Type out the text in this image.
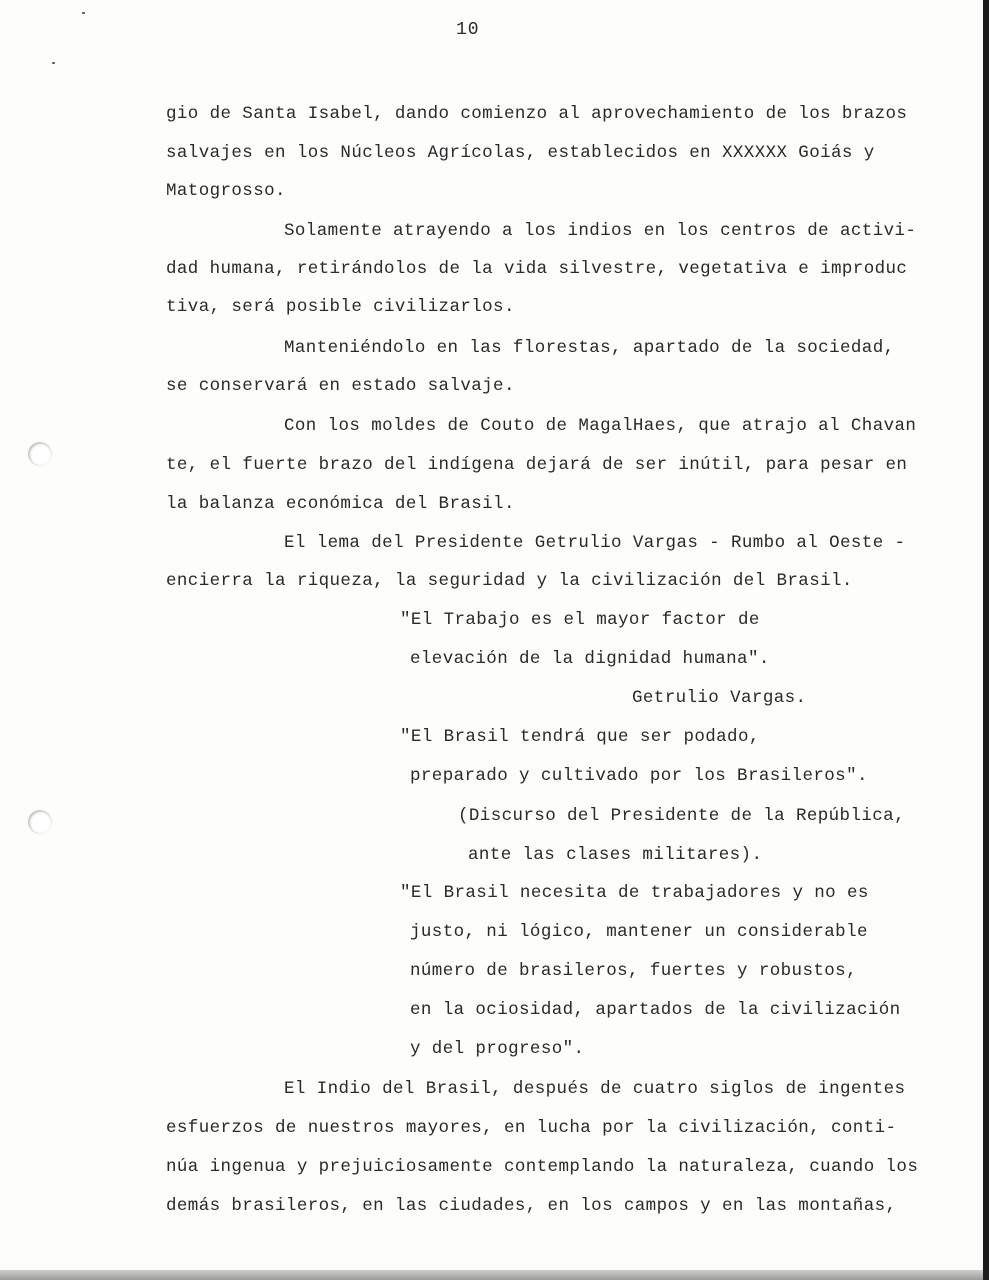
10
gio de Santa Isabel, dando comienzo al aprovechamiento de los brazos
salvajes en los Núcleos Agrícolas, establecidos en XXXXXX Goiás y
Matogrosso.
Solamente atrayendo a los indios en los centros de activi-
dad humana, retirándolos de la vida silvestre, vegetativa e improduc
tiva, será posible civilizarlos.
Manteniéndolo en las florestas, apartado de la sociedad,
se conservará en estado salvaje.
Con los moldes de Couto de MagalHaes, que atrajo al Chavan
te, el fuerte brazo del indígena dejará de ser inútil, para pesar en
la balanza económica del Brasil.
El lema del Presidente Getrulio Vargas - Rumbo al Oeste -
encierra la riqueza, la seguridad y la civilización del Brasil.
"El Trabajo es el mayor factor de
elevación de la dignidad humana".
Getrulio Vargas.
"El Brasil tendrá que ser podado,
preparado y cultivado por los Brasileros".
(Discurso del Presidente de la República,
ante las clases militares).
"El Brasil necesita de trabajadores y no es
justo, ni lógico, mantener un considerable
número de brasileros, fuertes y robustos,
en la ociosidad, apartados de la civilización
y del progreso".
El Indio del Brasil, después de cuatro siglos de ingentes
esfuerzos de nuestros mayores, en lucha por la civilización, conti-
núa ingenua y prejuiciosamente contemplando la naturaleza, cuando los
demás brasileros, en las ciudades, en los campos y en las montañas,
